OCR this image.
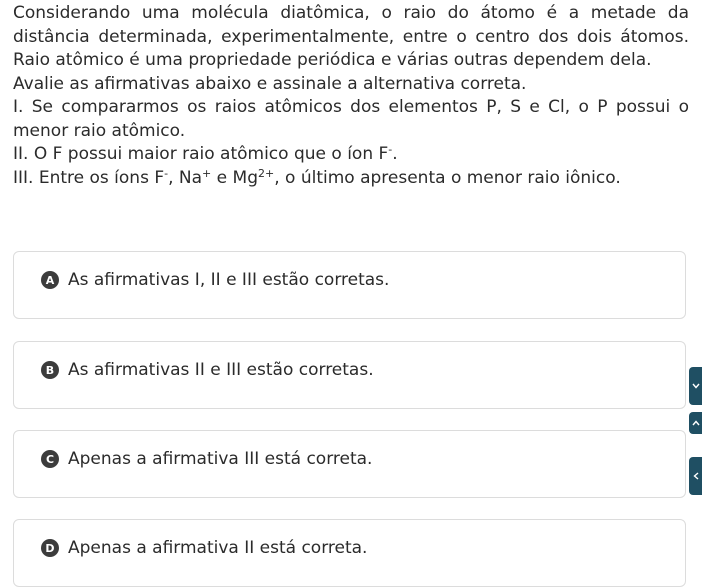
Considerando uma molécula diatômica, o raio do átomo é a metade da distância determinada, experimentalmente, entre o centro dos dois átomos. Raio atômico é uma propriedade periódica e várias outras dependem dela.

Avalie as afirmativas abaixo e assinale a alternativa correta.

I. Se compararmos os raios atômicos dos elementos P, S e Cl, o P possui o menor raio atômico.

II. O F possui maior raio atômico que o íon F-.

III. Entre os íons F-, Na+ e $Mg^{2+}$, o último apresenta o menor raio iônico.

A As afirmativas I, II e III estão corretas.
B As afirmativas II e III estão corretas.
C Apenas a afirmativa III está correta.
D Apenas a afirmativa II está correta.
